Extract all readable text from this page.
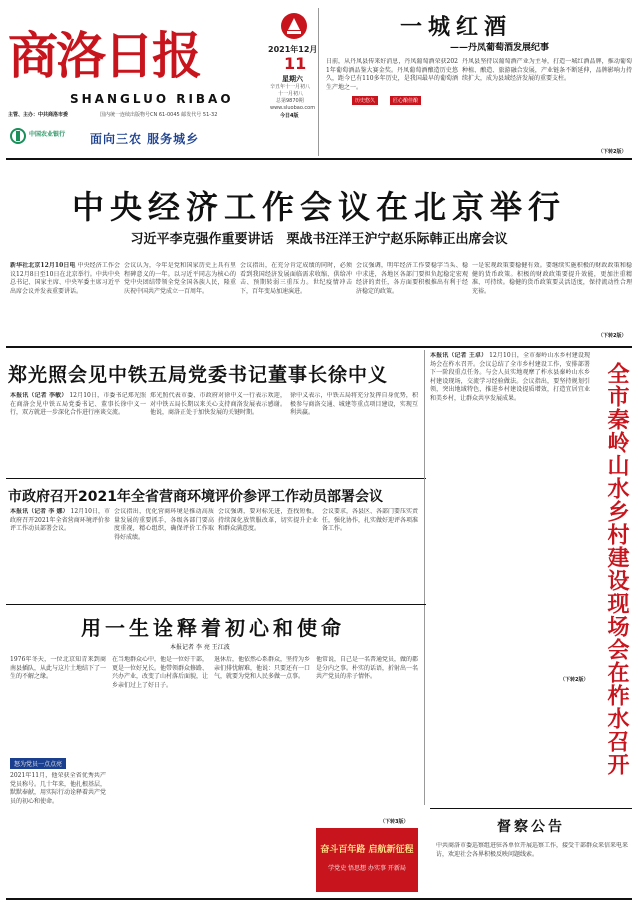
商洛日报
SHANGLUO RIBAO
2021年12月
11
星期六
辛丑年十一月初八
十一月初八
总第9870期
www.sluobao.com
今日4版
主管、主办：中共商洛市委	国内统一连续出版物号CN 61-0045 邮发代号 51-32
中国农业银行 面向三农 服务城乡
一城红酒
——丹凤葡萄酒发展纪事
日前，从丹凤县传来好消息，丹凤葡萄酒荣获2021年葡萄酒品鉴大赛金奖。丹凤葡萄酒酿造历史悠久，距今已有110多年历史，是我国最早的葡萄酒生产地之一。
历史悠久	匠心酿佳酿
丹凤县坚持以葡萄酒产业为主导，打造一城红酒品牌，推动葡萄种植、酿造、旅游融合发展，产业链条不断延伸，品牌影响力持续扩大，成为县域经济发展的重要支柱。
（下转2版）
中央经济工作会议在北京举行
习近平李克强作重要讲话　栗战书汪洋王沪宁赵乐际韩正出席会议
新华社北京12月10日电 中央经济工作会议12月8日至10日在北京举行。中共中央总书记、国家主席、中央军委主席习近平出席会议并发表重要讲话。
会议认为，今年是党和国家历史上具有里程碑意义的一年。以习近平同志为核心的党中央团结带领全党全国各族人民，隆重庆祝中国共产党成立一百周年。
会议指出，在充分肯定成绩的同时，必须看到我国经济发展面临需求收缩、供给冲击、预期转弱三重压力。世纪疫情冲击下，百年变局加速演进。
会议强调，明年经济工作要稳字当头、稳中求进，各地区各部门要担负起稳定宏观经济的责任，各方面要积极推出有利于经济稳定的政策。
一是宏观政策要稳健有效。要继续实施积极的财政政策和稳健的货币政策。积极的财政政策要提升效能，更加注重精准、可持续。稳健的货币政策要灵活适度，保持流动性合理充裕。
（下转2版）
郑光照会见中铁五局党委书记董事长徐中义
本报讯（记者 李敏） 12月10日，市委书记郑光照在商洛会见中铁五局党委书记、董事长徐中义一行，双方就进一步深化合作进行座谈交流。
郑光照代表市委、市政府对徐中义一行表示欢迎，对中铁五局长期以来关心支持商洛发展表示感谢。他说，商洛正处于加快发展的关键时期。
徐中义表示，中铁五局将充分发挥自身优势，积极参与商洛交通、城建等重点项目建设，实现互利共赢。
市政府召开2021年全省营商环境评价参评工作动员部署会议
本报讯（记者 李 娜） 12月10日，市政府召开2021年全省营商环境评价参评工作动员部署会议。
会议指出，优化营商环境是推动高质量发展的重要抓手，各级各部门要高度重视，精心组织，确保评价工作取得好成绩。
会议强调，要对标先进，查找短板，持续深化放管服改革，切实提升企业和群众满意度。
会议要求，各县区、各部门要压实责任，强化协作，扎实做好迎评各项准备工作。
本报讯（记者 王卓） 12月10日，全市秦岭山水乡村建设现场会在柞水召开。会议总结了全市乡村建设工作，安排部署下一阶段重点任务。与会人员实地观摩了柞水县秦岭山水乡村建设现场，交流学习经验做法。会议指出，要坚持规划引领，突出地域特色，推进乡村建设提质增效，打造宜居宜业和美乡村，让群众共享发展成果。	全市秦岭山水乡村建设现场会在柞水召开
（下转2版）
用一生诠释着初心和使命
本报记者 李 亮 王江波
1976年冬天，一位北京知青来到商南县插队，从此与这片土地结下了一生的不解之缘。
怒为党员一点点亮
2021年11月，他荣获全省优秀共产党员称号。几十年来，他扎根基层，默默奉献，用实际行动诠释着共产党员的初心和使命。
在当地群众心中，他是一位好干部，更是一位好兄长。他带领群众修路、兴办产业，改变了山村落后面貌，让乡亲们过上了好日子。
退休后，他依然心系群众，坚持为乡亲们排忧解难，他说：只要还有一口气，就要为党和人民多做一点事。
他常说，自己是一名普通党员，做的都是分内之事。朴实的话语，折射出一名共产党员的赤子情怀。
（下转3版）
奋斗百年路 启航新征程
学党史 悟思想 办实事 开新局
督察公告
中共商洛市委巡察组进驻各单位开展巡察工作，接受干部群众来信来电来访，欢迎社会各界积极反映问题线索。
